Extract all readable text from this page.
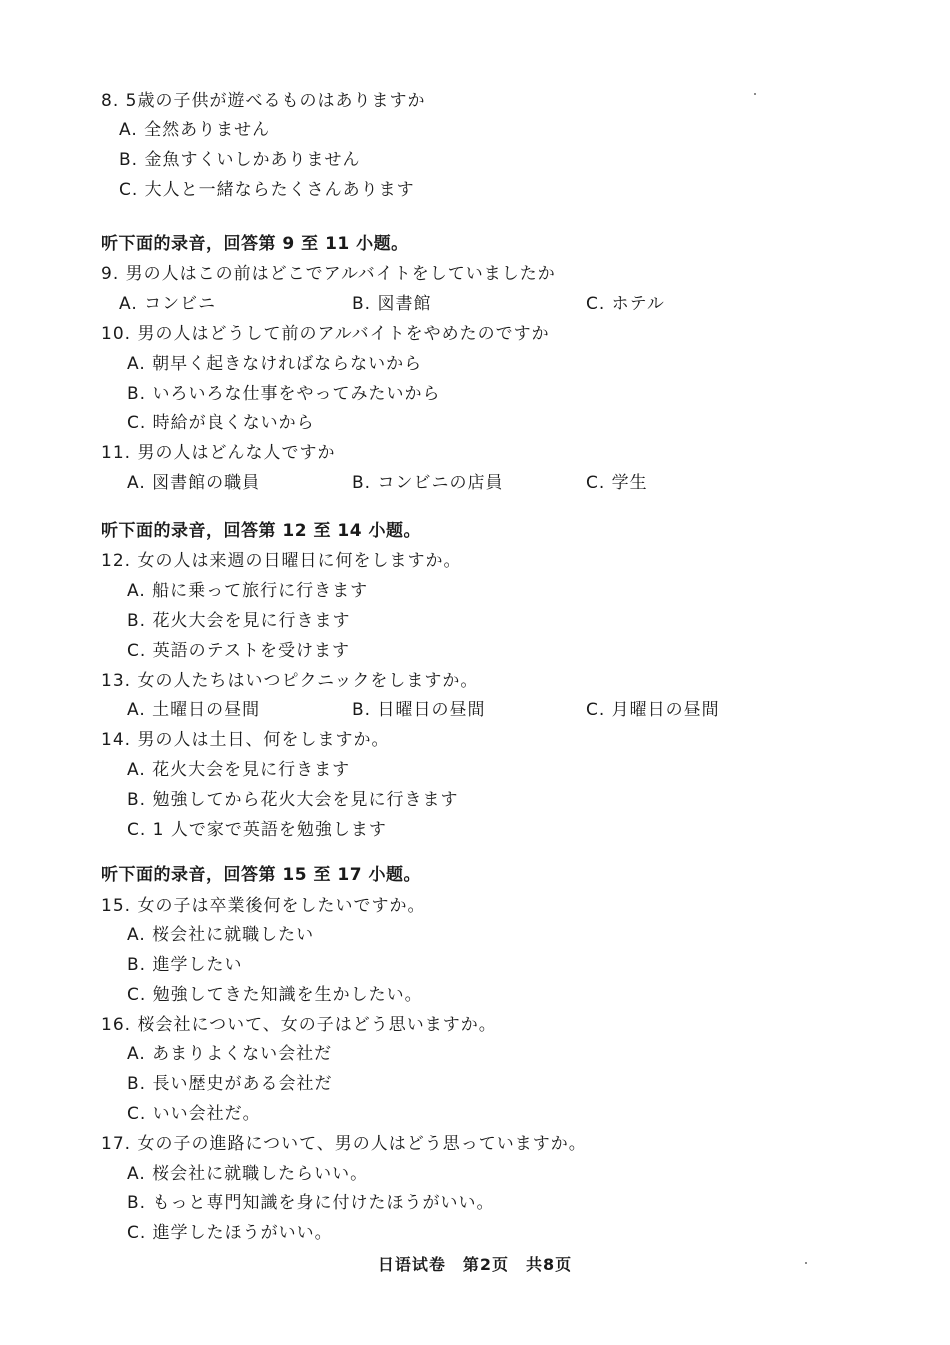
8. 5歳の子供が遊べるものはありますか
A. 全然ありません
B. 金魚すくいしかありません
C. 大人と一緒ならたくさんあります
听下面的录音，回答第 9 至 11 小题。
9. 男の人はこの前はどこでアルバイトをしていましたか
A. コンビニ	B. 図書館	C. ホテル
10. 男の人はどうして前のアルバイトをやめたのですか
A. 朝早く起きなければならないから
B. いろいろな仕事をやってみたいから
C. 時給が良くないから
11. 男の人はどんな人ですか
A. 図書館の職員	B. コンビニの店員	C. 学生
听下面的录音，回答第 12 至 14 小题。
12. 女の人は来週の日曜日に何をしますか。
A. 船に乗って旅行に行きます
B. 花火大会を見に行きます
C. 英語のテストを受けます
13. 女の人たちはいつピクニックをしますか。
A. 土曜日の昼間	B. 日曜日の昼間	C. 月曜日の昼間
14. 男の人は土日、何をしますか。
A. 花火大会を見に行きます
B. 勉強してから花火大会を見に行きます
C. 1 人で家で英語を勉強します
听下面的录音，回答第 15 至 17 小题。
15. 女の子は卒業後何をしたいですか。
A. 桜会社に就職したい
B. 進学したい
C. 勉強してきた知識を生かしたい。
16. 桜会社について、女の子はどう思いますか。
A. あまりよくない会社だ
B. 長い歴史がある会社だ
C. いい会社だ。
17. 女の子の進路について、男の人はどう思っていますか。
A. 桜会社に就職したらいい。
B. もっと専門知識を身に付けたほうがいい。
C. 進学したほうがいい。
日语试卷　第2页　共8页
